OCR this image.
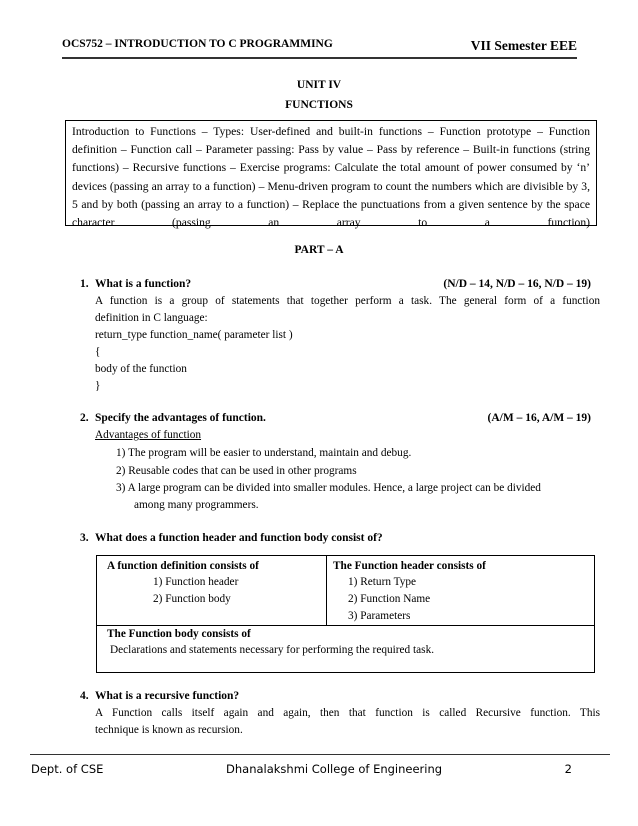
OCS752 – INTRODUCTION TO C PROGRAMMING	VII Semester EEE
UNIT IV
FUNCTIONS
Introduction to Functions – Types: User-defined and built-in functions – Function prototype – Function definition – Function call – Parameter passing: Pass by value – Pass by reference – Built-in functions (string functions) – Recursive functions – Exercise programs: Calculate the total amount of power consumed by ‘n’ devices (passing an array to a function) – Menu-driven program to count the numbers which are divisible by 3, 5 and by both (passing an array to a function) – Replace the punctuations from a given sentence by the space character (passing an array to a function)
PART – A
1. What is a function?	(N/D – 14, N/D – 16, N/D – 19)
A function is a group of statements that together perform a task. The general form of a function
definition in C language:
return_type function_name( parameter list )
{
body of the function
}
2. Specify the advantages of function.	(A/M – 16, A/M – 19)
Advantages of function
1) The program will be easier to understand, maintain and debug.
2) Reusable codes that can be used in other programs
3) A large program can be divided into smaller modules. Hence, a large project can be divided
among many programmers.
3. What does a function header and function body consist of?
A function definition consists of
1) Function header
2) Function body
The Function header consists of
1) Return Type
2) Function Name
3) Parameters
The Function body consists of
Declarations and statements necessary for performing the required task.
4. What is a recursive function?
A Function calls itself again and again, then that function is called Recursive function. This
technique is known as recursion.
Dept. of CSE	Dhanalakshmi College of Engineering	2
